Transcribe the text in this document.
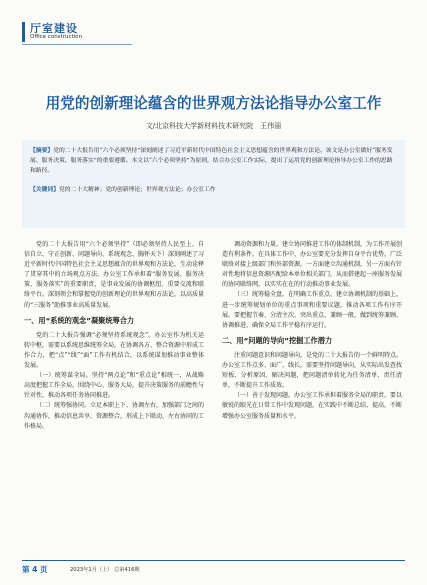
厅室建设
Office construction
用党的创新理论蕴含的世界观方法论指导办公室工作
文/北京科技大学新材料技术研究院　王伟丽
【摘要】党的二十大报告用“六个必须坚持”深刻阐述了习近平新时代中国特色社会主义思想蕴含的世界观和方法论。该文是办公室做好“服务发展、服务决策、服务落实”的重要遵循。本文以“六个必须坚持”为原则，结合办公室工作实际，提出了运用党的创新理论指导办公室工作的思路和路径。
【关键词】党的二十大精神；党的创新理论；世界观方法论；办公室工作

党的二十大报告用“六个必须坚持”（即必须坚持人民至上、自信自立、守正创新、问题导向、系统观念、胸怀天下）深刻阐述了习近平新时代中国特色社会主义思想蕴含的世界观和方法论，生动诠释了贯穿其中的立场观点方法。办公室工作承担着“服务发展、服务决策、服务落实”的重要职责，是事业发展的协调枢纽、重要交流和联络平台。深刻领会和掌握党的创新理论的世界观和方法论，以高质量的“三服务”助推事业高质量发展。

一、用“系统的观念”凝聚统筹合力

党的二十大报告强调“必须坚持系统观念”。办公室作为机关运转中枢，需要以系统思维统筹全局，在协调各方、整合资源中形成工作合力，把“点”“线”“面”工作有机结合，以系统谋划推动事业整体发展。

（一）统筹谋全局。坚持“两点论”和“重点论”相统一，从战略高度把握工作全局，围绕中心、服务大局，提升决策服务的前瞻性与针对性，推动各项任务协同推进。

（二）统筹强协同。立足本职上下、协调左右，加强部门之间的沟通协作，推动信息共享、资源整合，形成上下联动、左右协同的工作格局。

调动资源和力量，建立协同推进工作的体制机制，为工作开展创造有利条件。在具体工作中，办公室要充分发挥自身平台优势，广泛联络对接上级部门和外部资源，一方面建立沟通机制，另一方面有针对性地将信息资源匹配给本单位相关部门，从而搭建起一座服务发展的协同联络网，以实实在在的行动推动事业发展。

（三）统筹稳全盘。在明确工作重点、建立协调机制的基础上，进一步统筹规划单位的重点事项和重要议题，推动各项工作有序开展。要把握节奏、分清主次，突出重点、兼顾一般，做到统筹兼顾、协调推进，确保全局工作平稳有序运行。

二、用“问题的导向”挖掘工作潜力

注重问题意识和问题导向，是党的二十大报告的一个鲜明特点。办公室工作点多、面广、线长，需要坚持问题导向，从实际出发查找短板、分析原因、解决问题，把问题清单转化为任务清单、责任清单，不断提升工作质效。

（一）善于发现问题。办公室工作承担着服务全局的职责，要以敏锐的眼光在日常工作中发现问题，在实践中不断总结、提高，不断增强办公室服务质量和水平。

第 4 页	2023年1月（上） 总第416期
